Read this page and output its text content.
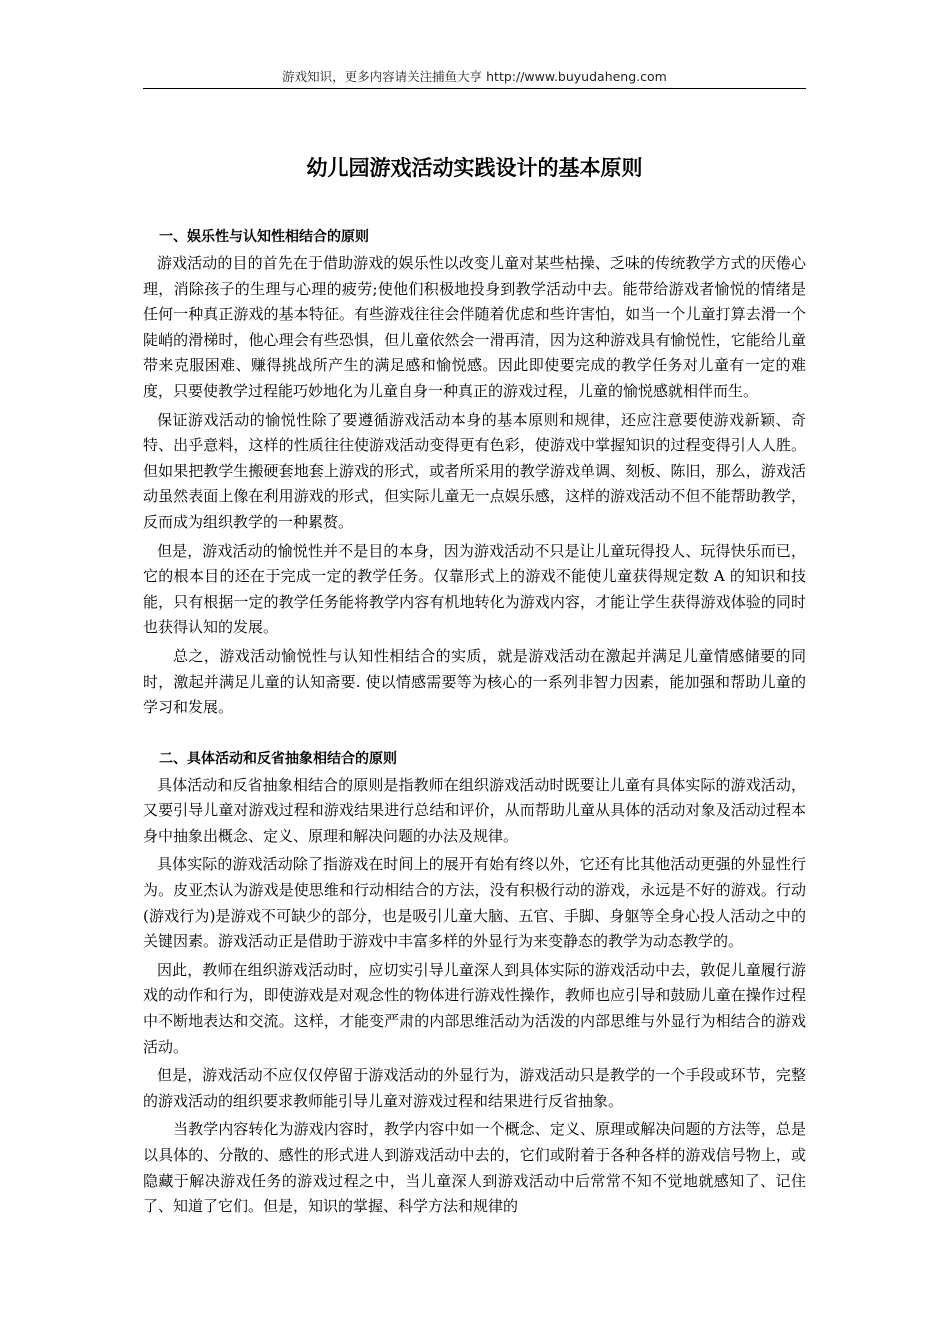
游戏知识，更多内容请关注捕鱼大亨 http://www.buyudaheng.com
幼儿园游戏活动实践设计的基本原则
一、娱乐性与认知性相结合的原则

游戏活动的目的首先在于借助游戏的娱乐性以改变儿童对某些枯操、乏味的传统教学方式的厌倦心理，消除孩子的生理与心理的疲劳;使他们积极地投身到教学活动中去。能带给游戏者愉悦的情绪是任何一种真正游戏的基本特征。有些游戏往往会伴随着优虑和些许害怕，如当一个儿童打算去滑一个陡峭的滑梯时，他心理会有些恐惧，但儿童依然会一滑再清，因为这种游戏具有愉悦性，它能给儿童带来克服困难、赚得挑战所产生的满足感和愉悦感。因此即使要完成的教学任务对儿童有一定的难度，只要使教学过程能巧妙地化为儿童自身一种真正的游戏过程，儿童的愉悦感就相伴而生。

保证游戏活动的愉悦性除了要遵循游戏活动本身的基本原则和规律，还应注意要使游戏新颖、奇特、出乎意料，这样的性质往往使游戏活动变得更有色彩，使游戏中掌握知识的过程变得引人人胜。但如果把教学生搬硬套地套上游戏的形式，或者所采用的教学游戏单调、刻板、陈旧，那么，游戏活动虽然表面上像在利用游戏的形式，但实际儿童无一点娱乐感，这样的游戏活动不但不能帮助教学，反而成为组织教学的一种累赘。

但是，游戏活动的愉悦性并不是目的本身，因为游戏活动不只是让儿童玩得投人、玩得快乐而已，它的根本目的还在于完成一定的教学任务。仅靠形式上的游戏不能使儿童获得规定数 A 的知识和技能，只有根据一定的教学任务能将教学内容有机地转化为游戏内容，才能让学生获得游戏体验的同时也获得认知的发展。

总之，游戏活动愉悦性与认知性相结合的实质，就是游戏活动在激起并满足儿童情感储要的同时，激起并满足儿童的认知斋要. 使以情感需要等为核心的一系列非智力因素，能加强和帮助儿童的学习和发展。

二、具体活动和反省抽象相结合的原则

具体活动和反省抽象相结合的原则是指教师在组织游戏活动时既要让儿童有具体实际的游戏活动，又要引导儿童对游戏过程和游戏结果进行总结和评价，从而帮助儿童从具体的活动对象及活动过程本身中抽象出概念、定义、原理和解决问题的办法及规律。

具体实际的游戏活动除了指游戏在时间上的展开有始有终以外，它还有比其他活动更强的外显性行为。皮亚杰认为游戏是使思维和行动相结合的方法，没有积极行动的游戏，永远是不好的游戏。行动(游戏行为)是游戏不可缺少的部分，也是吸引儿童大脑、五官、手脚、身躯等全身心投人活动之中的关键因素。游戏活动正是借助于游戏中丰富多样的外显行为来变静态的教学为动态教学的。

因此，教师在组织游戏活动时，应切实引导儿童深人到具体实际的游戏活动中去，敦促儿童履行游戏的动作和行为，即使游戏是对观念性的物体进行游戏性操作，教师也应引导和鼓励儿童在操作过程中不断地表达和交流。这样，才能变严肃的内部思维活动为活泼的内部思维与外显行为相结合的游戏活动。

但是，游戏活动不应仅仅停留于游戏活动的外显行为，游戏活动只是教学的一个手段或环节，完整的游戏活动的组织要求教师能引导儿童对游戏过程和结果进行反省抽象。

当教学内容转化为游戏内容时，教学内容中如一个概念、定义、原理或解决问题的方法等，总是以具体的、分散的、感性的形式进人到游戏活动中去的，它们或附着于各种各样的游戏信号物上，或隐藏于解决游戏任务的游戏过程之中，当儿童深人到游戏活动中后常常不知不觉地就感知了、记住了、知道了它们。但是，知识的掌握、科学方法和规律的
